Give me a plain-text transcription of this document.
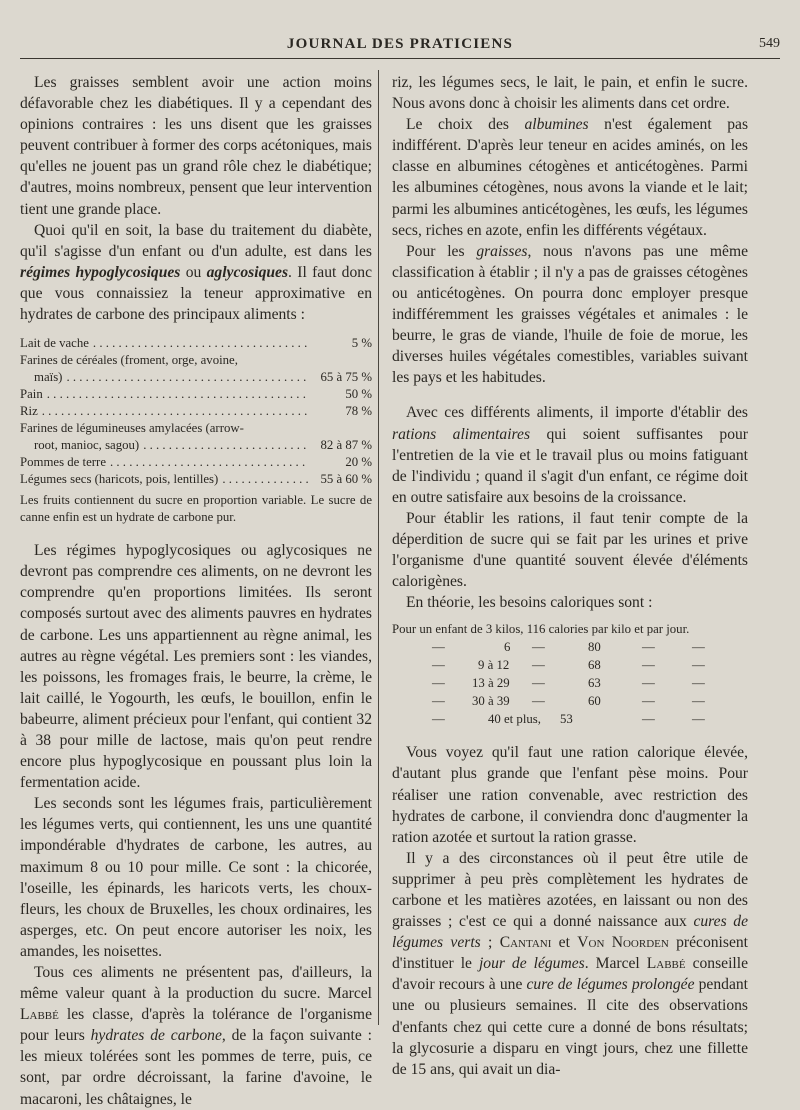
JOURNAL DES PRATICIENS	549

Les graisses semblent avoir une action moins défavorable chez les diabétiques. Il y a cependant des opinions contraires : les uns disent que les graisses peuvent contribuer à former des corps acétoniques, mais qu'elles ne jouent pas un grand rôle chez le diabétique; d'autres, moins nombreux, pensent que leur intervention tient une grande place.

Quoi qu'il en soit, la base du traitement du diabète, qu'il s'agisse d'un enfant ou d'un adulte, est dans les régimes hypoglycosiques ou aglycosiques. Il faut donc que vous connaissiez la teneur approximative en hydrates de carbone des principaux aliments :

Lait de vache . . .	5 %
Farines de céréales (froment, orge, avoine,
maïs) . . .	65 à 75 %
Pain . . .	50 %
Riz . . .	78 %
Farines de légumineuses amylacées (arrow-
root, manioc, sagou) . . .	82 à 87 %
Pommes de terre . . .	20 %
Légumes secs (haricots, pois, lentilles) . . .	55 à 60 %

Les fruits contiennent du sucre en proportion variable. Le sucre de canne enfin est un hydrate de carbone pur.

Les régimes hypoglycosiques ou aglycosiques ne devront pas comprendre ces aliments, on ne devront les comprendre qu'en proportions limitées. Ils seront composés surtout avec des aliments pauvres en hydrates de carbone. Les uns appartiennent au règne animal, les autres au règne végétal. Les premiers sont : les viandes, les poissons, les fromages frais, le beurre, la crème, le lait caillé, le Yogourth, les œufs, le bouillon, enfin le babeurre, aliment précieux pour l'enfant, qui contient 32 à 38 pour mille de lactose, mais qu'on peut rendre encore plus hypoglycosique en poussant plus loin la fermentation acide.

Les seconds sont les légumes frais, particulièrement les légumes verts, qui contiennent, les uns une quantité impondérable d'hydrates de carbone, les autres, au maximum 8 ou 10 pour mille. Ce sont : la chicorée, l'oseille, les épinards, les haricots verts, les choux-fleurs, les choux de Bruxelles, les choux ordinaires, les asperges, etc. On peut encore autoriser les noix, les amandes, les noisettes.

Tous ces aliments ne présentent pas, d'ailleurs, la même valeur quant à la production du sucre. Marcel Labbé les classe, d'après la tolérance de l'organisme pour leurs hydrates de carbone, de la façon suivante : les mieux tolérées sont les pommes de terre, puis, ce sont, par ordre décroissant, la farine d'avoine, le macaroni, les châtaignes, le

riz, les légumes secs, le lait, le pain, et enfin le sucre. Nous avons donc à choisir les aliments dans cet ordre.

Le choix des albumines n'est également pas indifférent. D'après leur teneur en acides aminés, on les classe en albumines cétogènes et anticétogènes. Parmi les albumines cétogènes, nous avons la viande et le lait; parmi les albumines anticétogènes, les œufs, les légumes secs, riches en azote, enfin les différents végétaux.

Pour les graisses, nous n'avons pas une même classification à établir ; il n'y a pas de graisses cétogènes ou anticétogènes. On pourra donc employer presque indifféremment les graisses végétales et animales : le beurre, le gras de viande, l'huile de foie de morue, les diverses huiles végétales comestibles, variables suivant les pays et les habitudes.

Avec ces différents aliments, il importe d'établir des rations alimentaires qui soient suffisantes pour l'entretien de la vie et le travail plus ou moins fatiguant de l'individu ; quand il s'agit d'un enfant, ce régime doit en outre satisfaire aux besoins de la croissance.

Pour établir les rations, il faut tenir compte de la déperdition de sucre qui se fait par les urines et prive l'organisme d'une quantité souvent élevée d'éléments calorigènes.

En théorie, les besoins caloriques sont :

Pour un enfant de 3 kilos, 116 calories par kilo et par jour.

—	6 —	80	—	—
—	9 à 12 —	68	—	—
— 13 à 29 —	63	—	—
— 30 à 39 —	60	—	—
—	40 et plus, 53	—	—

Vous voyez qu'il faut une ration calorique élevée, d'autant plus grande que l'enfant pèse moins. Pour réaliser une ration convenable, avec restriction des hydrates de carbone, il conviendra donc d'augmenter la ration azotée et surtout la ration grasse.

Il y a des circonstances où il peut être utile de supprimer à peu près complètement les hydrates de carbone et les matières azotées, en laissant ou non des graisses ; c'est ce qui a donné naissance aux cures de légumes verts ; Cantani et Von Noorden préconisent d'instituer le jour de légumes. Marcel Labbé conseille d'avoir recours à une cure de légumes prolongée pendant une ou plusieurs semaines. Il cite des observations d'enfants chez qui cette cure a donné de bons résultats; la glycosurie a disparu en vingt jours, chez une fillette de 15 ans, qui avait un dia-
